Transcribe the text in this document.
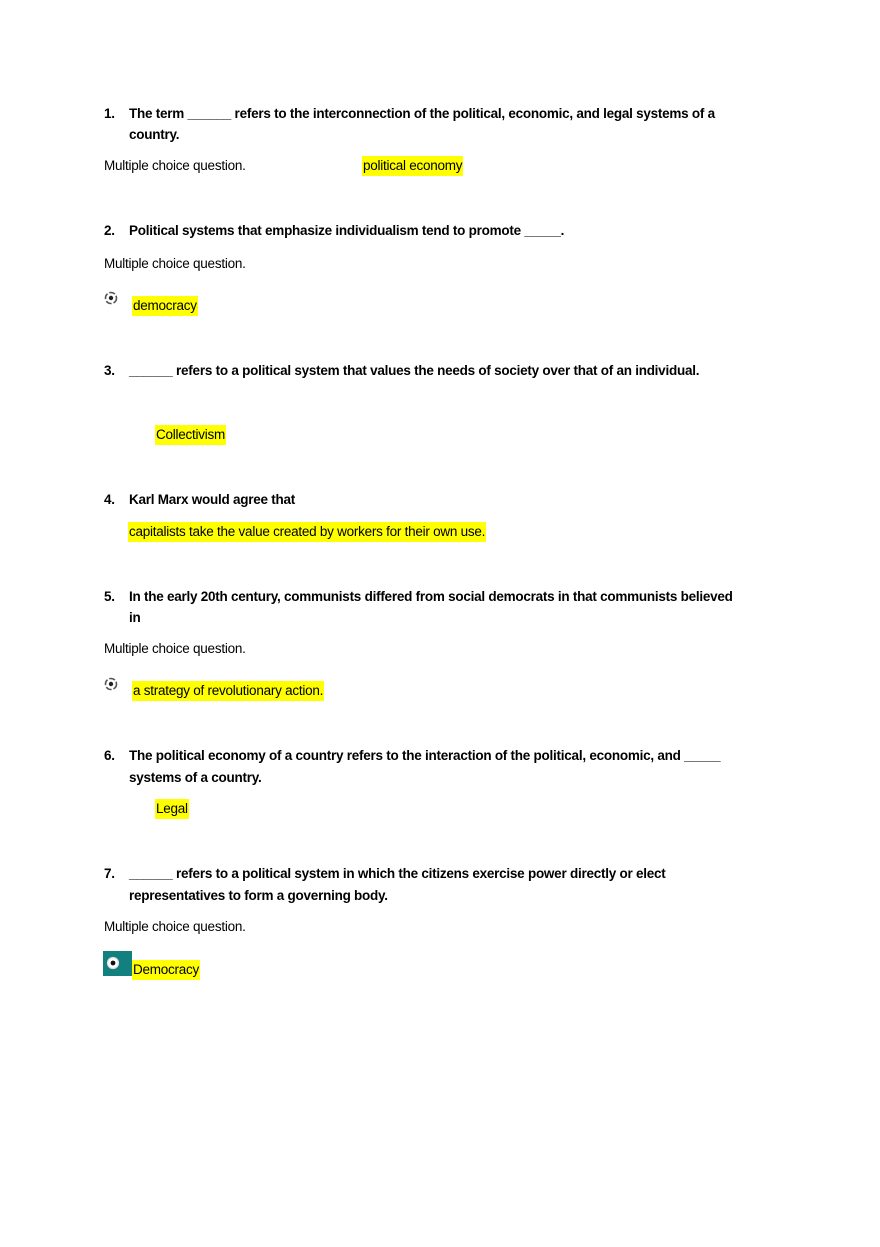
1. The term ______ refers to the interconnection of the political, economic, and legal systems of a
country.
Multiple choice question.	political economy
2. Political systems that emphasize individualism tend to promote _____.
Multiple choice question.
democracy
3. ______ refers to a political system that values the needs of society over that of an individual.
Collectivism
4. Karl Marx would agree that
capitalists take the value created by workers for their own use.
5. In the early 20th century, communists differed from social democrats in that communists believed
in
Multiple choice question.
a strategy of revolutionary action.
6. The political economy of a country refers to the interaction of the political, economic, and _____
systems of a country.
Legal
7. ______ refers to a political system in which the citizens exercise power directly or elect
representatives to form a governing body.
Multiple choice question.
Democracy
